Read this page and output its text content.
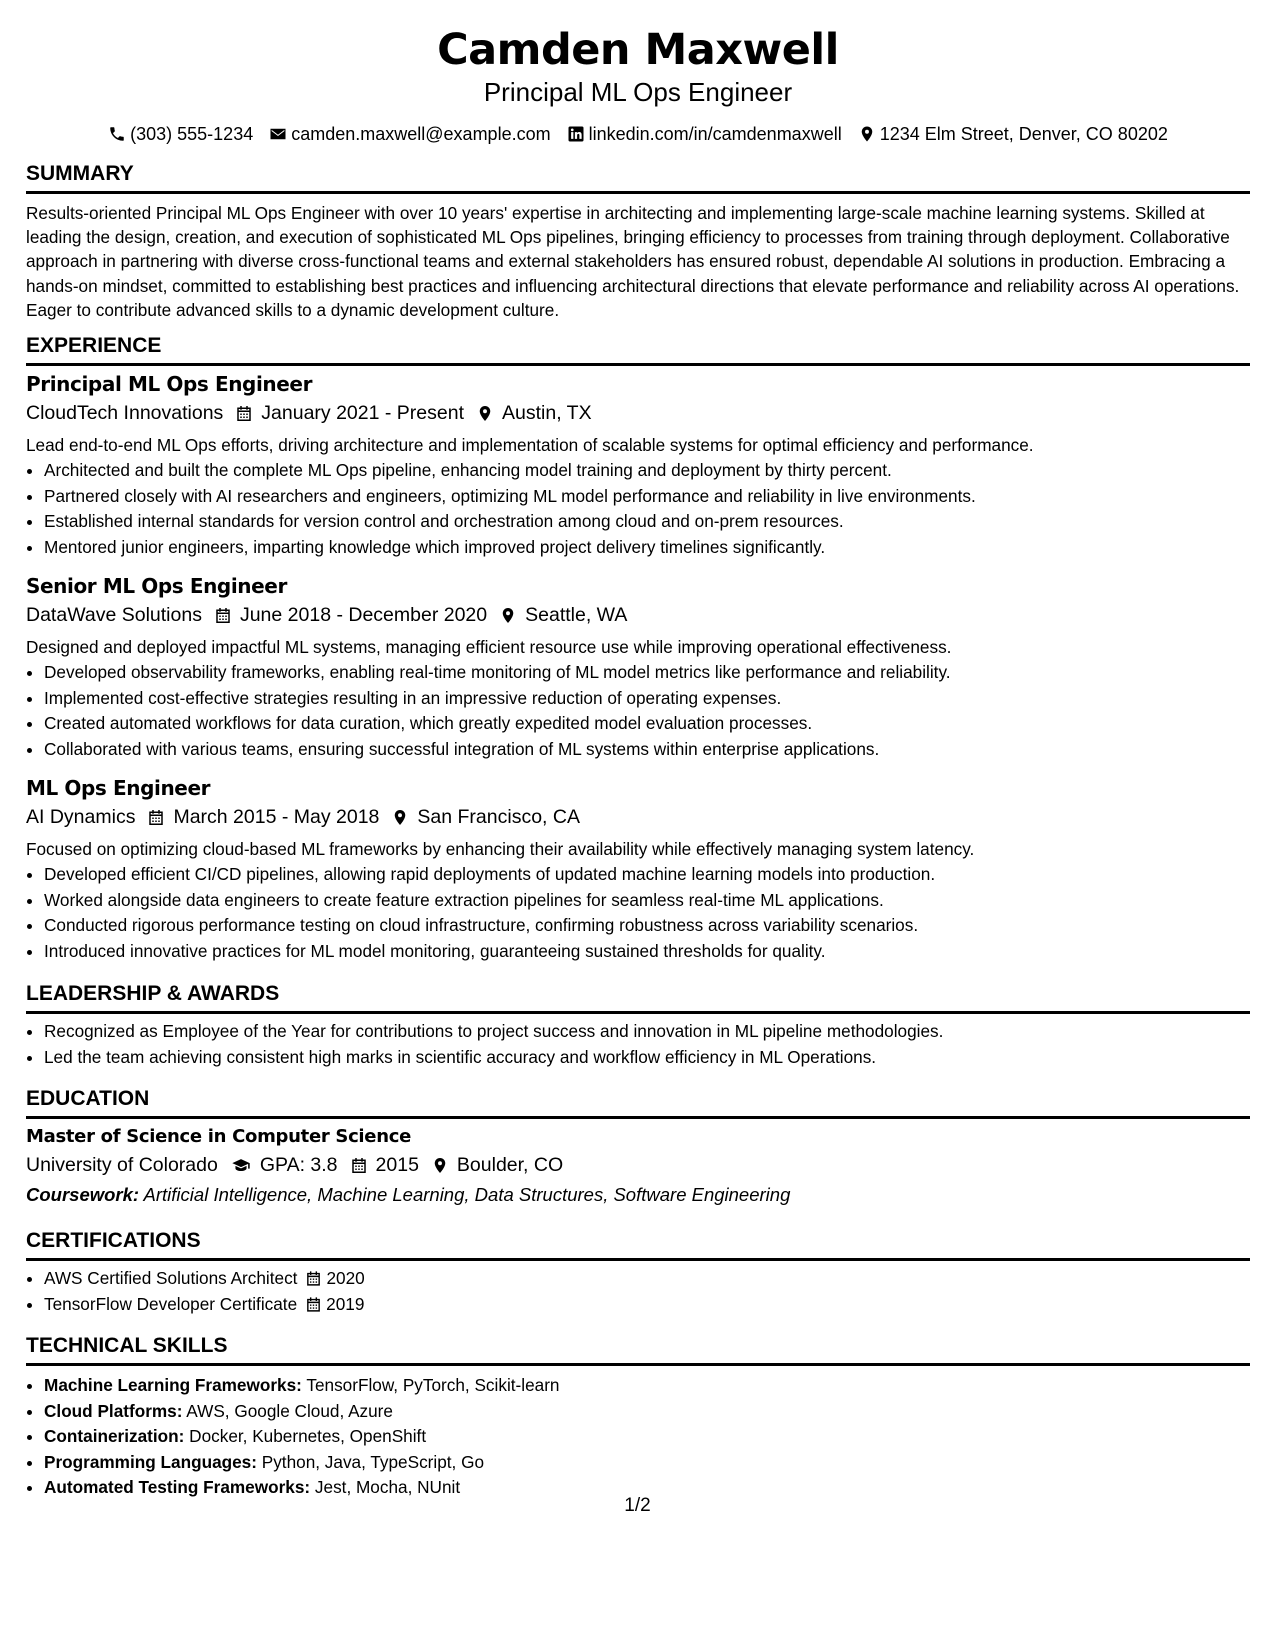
Camden Maxwell
Principal ML Ops Engineer
(303) 555-1234 camden.maxwell@example.com linkedin.com/in/camdenmaxwell 1234 Elm Street, Denver, CO 80202
SUMMARY
Results-oriented Principal ML Ops Engineer with over 10 years' expertise in architecting and implementing large-scale machine learning systems. Skilled at leading the design, creation, and execution of sophisticated ML Ops pipelines, bringing efficiency to processes from training through deployment. Collaborative approach in partnering with diverse cross-functional teams and external stakeholders has ensured robust, dependable AI solutions in production. Embracing a hands-on mindset, committed to establishing best practices and influencing architectural directions that elevate performance and reliability across AI operations. Eager to contribute advanced skills to a dynamic development culture.
EXPERIENCE
Principal ML Ops Engineer
CloudTech Innovations January 2021 - Present Austin, TX
Lead end-to-end ML Ops efforts, driving architecture and implementation of scalable systems for optimal efficiency and performance.
• Architected and built the complete ML Ops pipeline, enhancing model training and deployment by thirty percent.
• Partnered closely with AI researchers and engineers, optimizing ML model performance and reliability in live environments.
• Established internal standards for version control and orchestration among cloud and on-prem resources.
• Mentored junior engineers, imparting knowledge which improved project delivery timelines significantly.
Senior ML Ops Engineer
DataWave Solutions June 2018 - December 2020 Seattle, WA
Designed and deployed impactful ML systems, managing efficient resource use while improving operational effectiveness.
• Developed observability frameworks, enabling real-time monitoring of ML model metrics like performance and reliability.
• Implemented cost-effective strategies resulting in an impressive reduction of operating expenses.
• Created automated workflows for data curation, which greatly expedited model evaluation processes.
• Collaborated with various teams, ensuring successful integration of ML systems within enterprise applications.
ML Ops Engineer
AI Dynamics March 2015 - May 2018 San Francisco, CA
Focused on optimizing cloud-based ML frameworks by enhancing their availability while effectively managing system latency.
• Developed efficient CI/CD pipelines, allowing rapid deployments of updated machine learning models into production.
• Worked alongside data engineers to create feature extraction pipelines for seamless real-time ML applications.
• Conducted rigorous performance testing on cloud infrastructure, confirming robustness across variability scenarios.
• Introduced innovative practices for ML model monitoring, guaranteeing sustained thresholds for quality.
LEADERSHIP & AWARDS
• Recognized as Employee of the Year for contributions to project success and innovation in ML pipeline methodologies.
• Led the team achieving consistent high marks in scientific accuracy and workflow efficiency in ML Operations.
EDUCATION
Master of Science in Computer Science
University of Colorado GPA: 3.8 2015 Boulder, CO
Coursework: Artificial Intelligence, Machine Learning, Data Structures, Software Engineering
CERTIFICATIONS
• AWS Certified Solutions Architect 2020
• TensorFlow Developer Certificate 2019
TECHNICAL SKILLS
• Machine Learning Frameworks: TensorFlow, PyTorch, Scikit-learn
• Cloud Platforms: AWS, Google Cloud, Azure
• Containerization: Docker, Kubernetes, OpenShift
• Programming Languages: Python, Java, TypeScript, Go
• Automated Testing Frameworks: Jest, Mocha, NUnit
1/2
